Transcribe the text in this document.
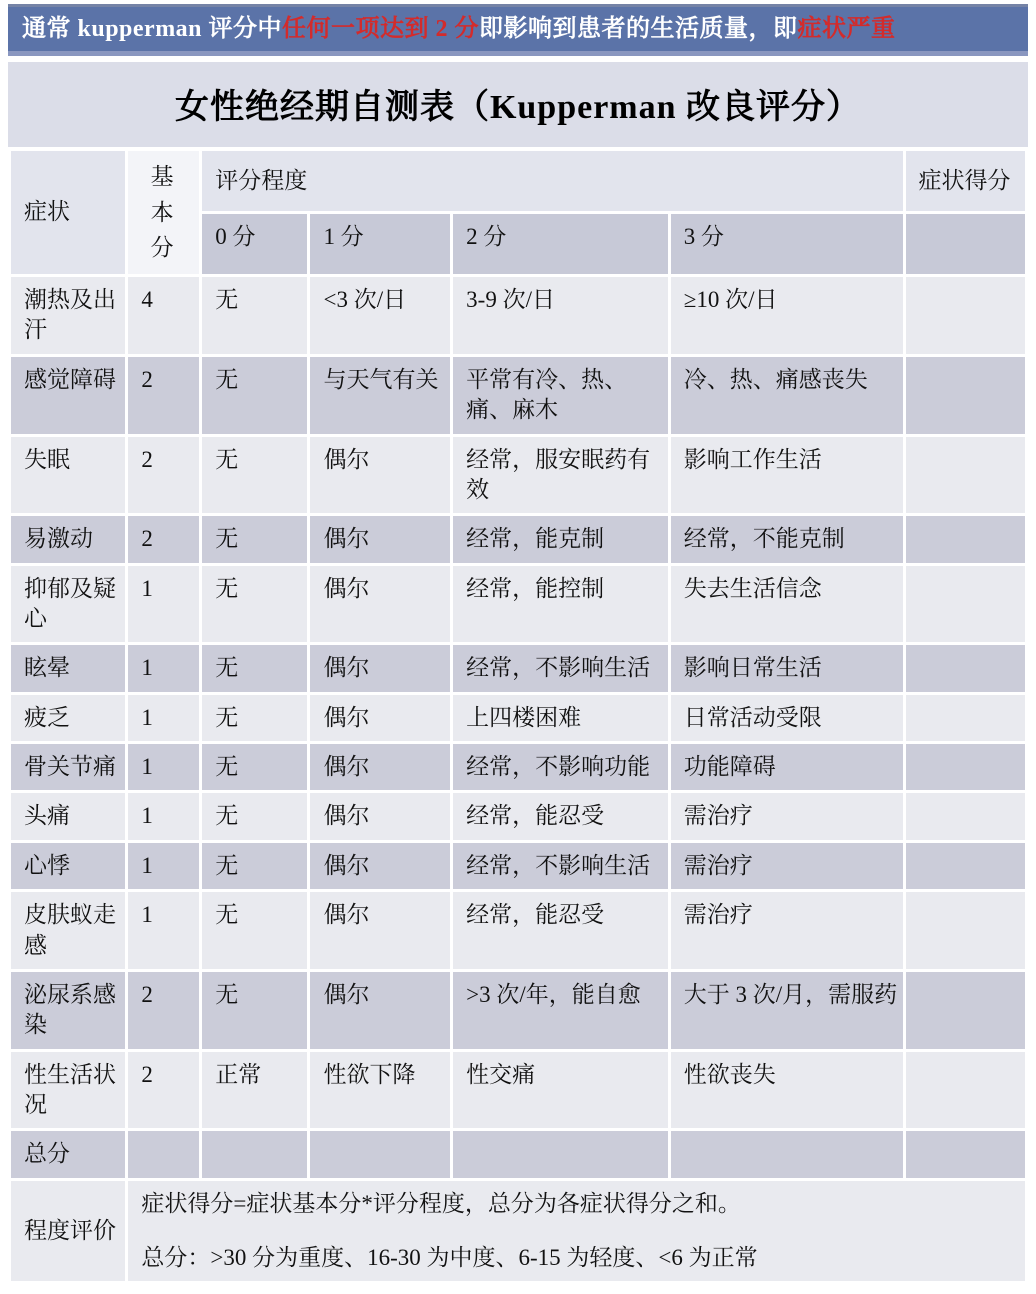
通常 kupperman 评分中任何一项达到 2 分即影响到患者的生活质量，即症状严重
女性绝经期自测表（Kupperman 改良评分）
症状	基本分	评分程度				症状得分
		0 分	1 分	2 分	3 分	
潮热及出汗	4	无	<3 次/日	3-9 次/日	≥10 次/日	
感觉障碍	2	无	与天气有关	平常有冷、热、痛、麻木	冷、热、痛感丧失	
失眠	2	无	偶尔	经常，服安眠药有效	影响工作生活	
易激动	2	无	偶尔	经常，能克制	经常，不能克制	
抑郁及疑心	1	无	偶尔	经常，能控制	失去生活信念	
眩晕	1	无	偶尔	经常，不影响生活	影响日常生活	
疲乏	1	无	偶尔	上四楼困难	日常活动受限	
骨关节痛	1	无	偶尔	经常，不影响功能	功能障碍	
头痛	1	无	偶尔	经常，能忍受	需治疗	
心悸	1	无	偶尔	经常，不影响生活	需治疗	
皮肤蚁走感	1	无	偶尔	经常，能忍受	需治疗	
泌尿系感染	2	无	偶尔	>3 次/年，能自愈	大于 3 次/月，需服药	
性生活状况	2	正常	性欲下降	性交痛	性欲丧失	
总分						
程度评价	症状得分=症状基本分*评分程度，总分为各症状得分之和。

总分：>30 分为重度、16-30 为中度、6-15 为轻度、<6 为正常					
